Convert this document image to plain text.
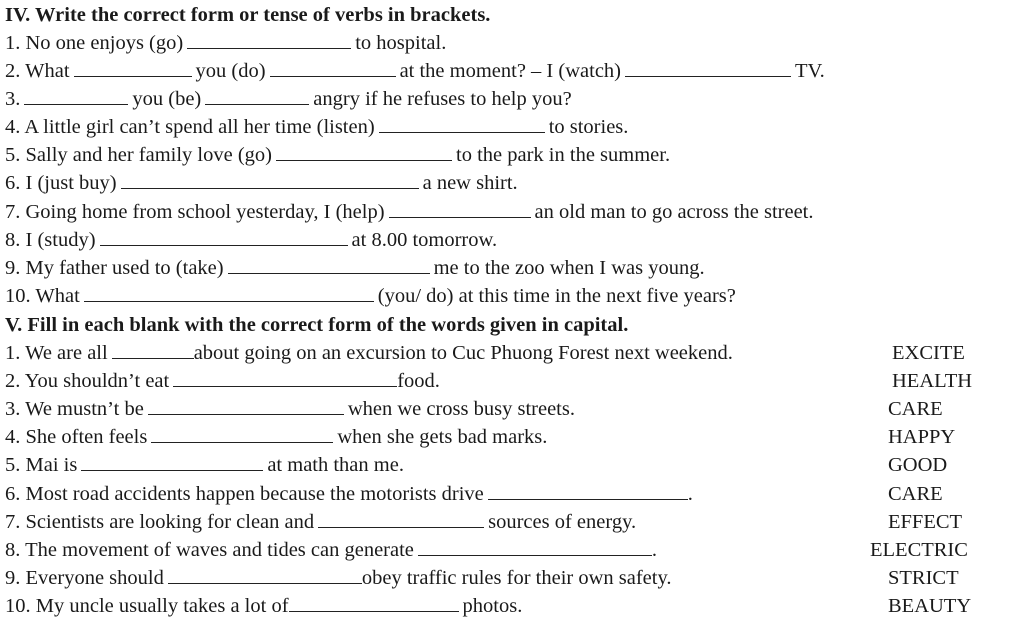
IV. Write the correct form or tense of verbs in brackets.
1. No one enjoys (go)	to hospital.
2. What	you (do)	at the moment? – I (watch)	TV.
3.	you (be)	angry if he refuses to help you?
4. A little girl can’t spend all her time (listen)	to stories.
5. Sally and her family love (go)	to the park in the summer.
6. I (just buy)	a new shirt.
7. Going home from school yesterday, I (help)	an old man to go across the street.
8. I (study)	at 8.00 tomorrow.
9. My father used to (take)	me to the zoo when I was young.
10. What	(you/ do) at this time in the next five years?
V. Fill in each blank with the correct form of the words given in capital.
1. We are all	about going on an excursion to Cuc Phuong Forest next weekend.	EXCITE
2. You shouldn’t eat	food.	HEALTH
3. We mustn’t be	when we cross busy streets.	CARE
4. She often feels	when she gets bad marks.	HAPPY
5. Mai is	at math than me.	GOOD
6. Most road accidents happen because the motorists drive	.	CARE
7. Scientists are looking for clean and	sources of energy.	EFFECT
8. The movement of waves and tides can generate	.	ELECTRIC
9. Everyone should	obey traffic rules for their own safety.	STRICT
10. My uncle usually takes a lot of	photos.	BEAUTY
